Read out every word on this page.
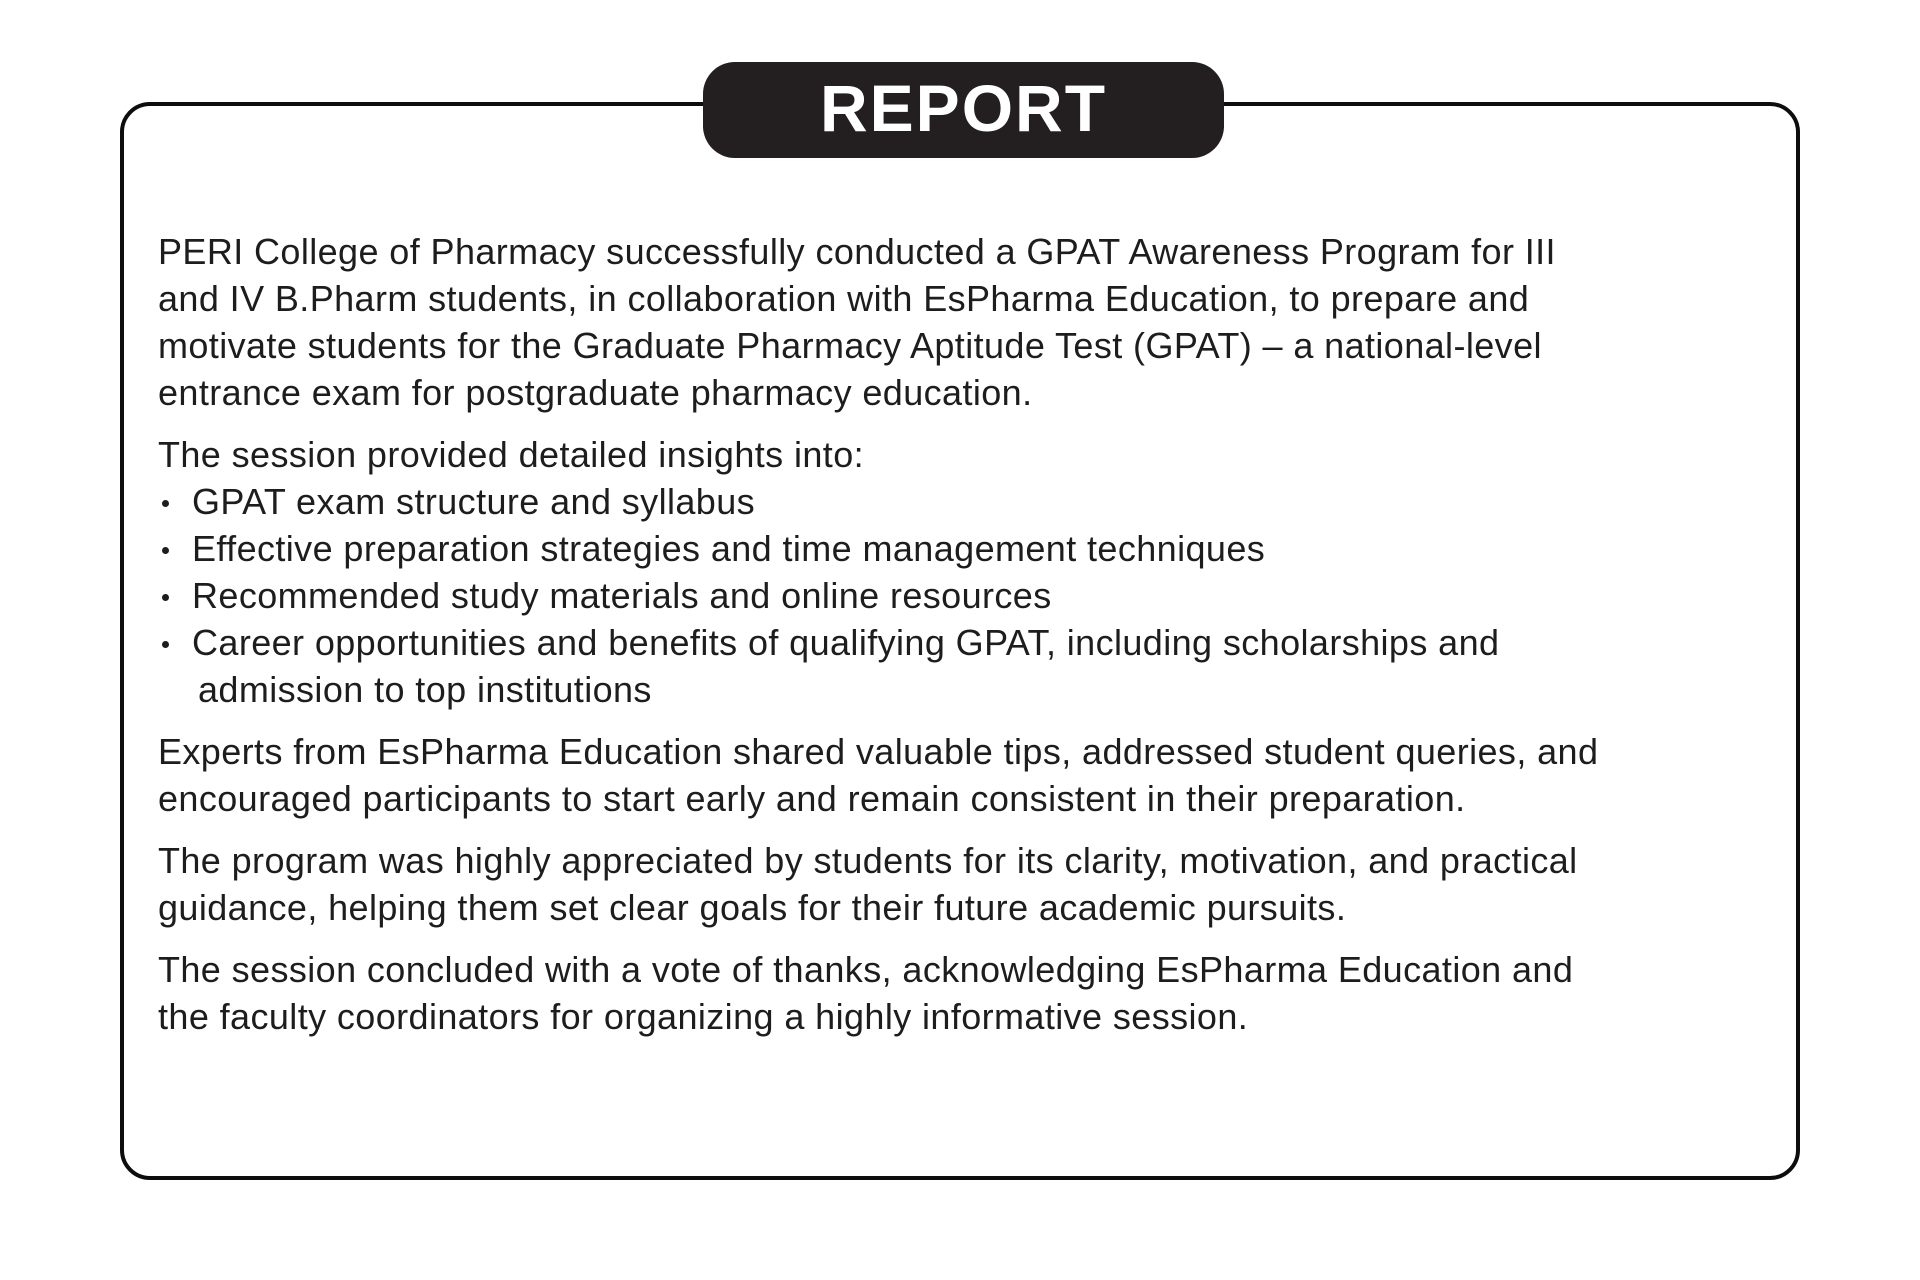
PERI College of Pharmacy successfully conducted a GPAT Awareness Program for III
and IV B.Pharm students, in collaboration with EsPharma Education, to prepare and
motivate students for the Graduate Pharmacy Aptitude Test (GPAT) – a national-level
entrance exam for postgraduate pharmacy education.
The session provided detailed insights into:
GPAT exam structure and syllabus
Effective preparation strategies and time management techniques
Recommended study materials and online resources
Career opportunities and benefits of qualifying GPAT, including scholarships and
admission to top institutions
Experts from EsPharma Education shared valuable tips, addressed student queries, and
encouraged participants to start early and remain consistent in their preparation.
The program was highly appreciated by students for its clarity, motivation, and practical
guidance, helping them set clear goals for their future academic pursuits.
The session concluded with a vote of thanks, acknowledging EsPharma Education and
the faculty coordinators for organizing a highly informative session.
REPORT
